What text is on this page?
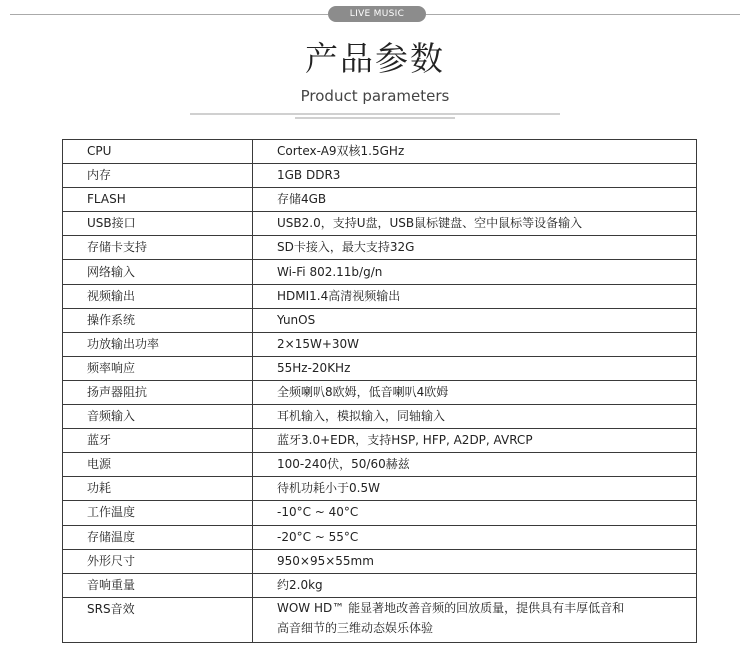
LIVE MUSIC
产品参数
Product parameters
CPU	Cortex-A9双核1.5GHz
内存	1GB DDR3
FLASH	存储4GB
USB接口	USB2.0，支持U盘，USB鼠标键盘、空中鼠标等设备输入
存储卡支持	SD卡接入，最大支持32G
网络输入	Wi-Fi 802.11b/g/n
视频输出	HDMI1.4高清视频输出
操作系统	YunOS
功放输出功率	2×15W+30W
频率响应	55Hz-20KHz
扬声器阻抗	全频喇叭8欧姆，低音喇叭4欧姆
音频输入	耳机输入，模拟输入，同轴输入
蓝牙	蓝牙3.0+EDR，支持HSP, HFP, A2DP, AVRCP
电源	100-240伏，50/60赫兹
功耗	待机功耗小于0.5W
工作温度	-10°C ~ 40°C
存储温度	-20°C ~ 55°C
外形尺寸	950×95×55mm
音响重量	约2.0kg
SRS音效	WOW HD™ 能显著地改善音频的回放质量，提供具有丰厚低音和高音细节的三维动态娱乐体验
